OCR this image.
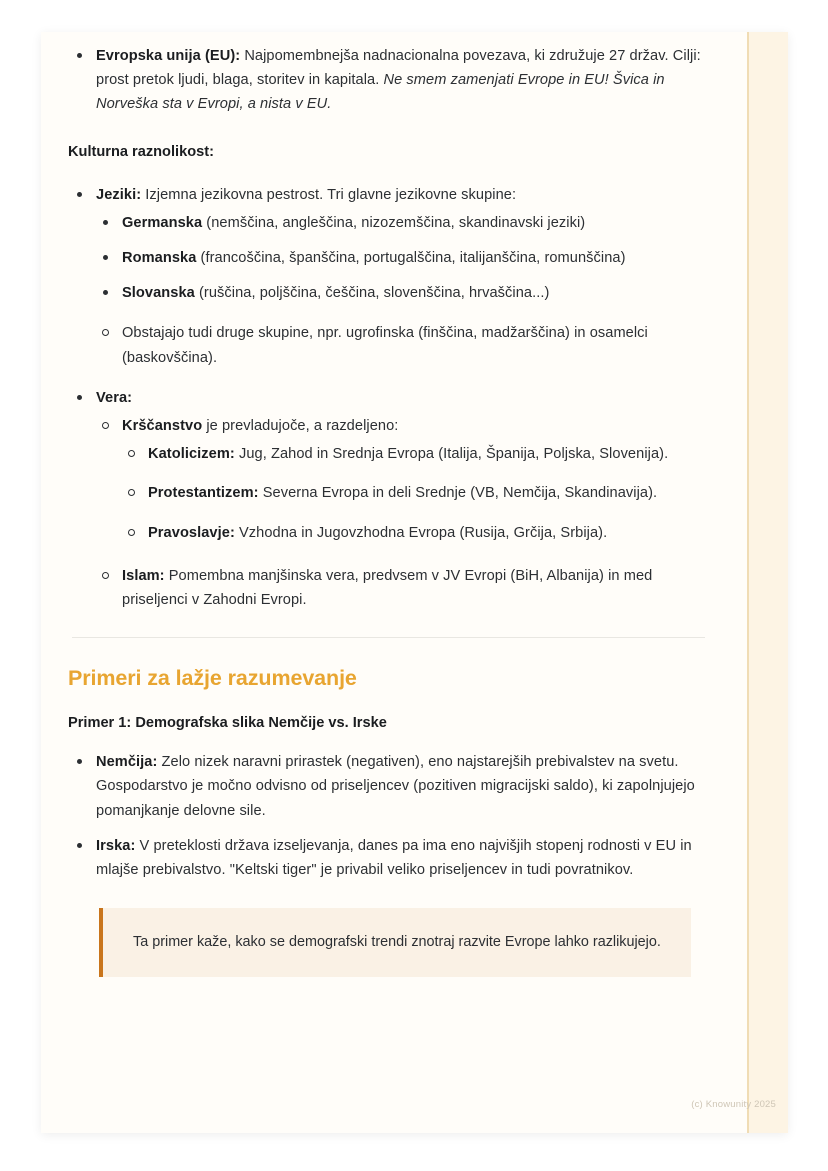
Evropska unija (EU): Najpomembnejša nadnacionalna povezava, ki združuje 27 držav. Cilji: prost pretok ljudi, blaga, storitev in kapitala. Ne smem zamenjati Evrope in EU! Švica in Norveška sta v Evropi, a nista v EU.

Kulturna raznolikost:

Jeziki: Izjemna jezikovna pestrost. Tri glavne jezikovne skupine:
Germanska (nemščina, angleščina, nizozemščina, skandinavski jeziki)
Romanska (francoščina, španščina, portugalščina, italijanščina, romunščina)
Slovanska (ruščina, poljščina, češčina, slovenščina, hrvaščina...)
Obstajajo tudi druge skupine, npr. ugrofinska (finščina, madžarščina) in osamelci (baskovščina).
Vera:
Krščanstvo je prevladujoče, a razdeljeno:
Katolicizem: Jug, Zahod in Srednja Evropa (Italija, Španija, Poljska, Slovenija).
Protestantizem: Severna Evropa in deli Srednje (VB, Nemčija, Skandinavija).
Pravoslavje: Vzhodna in Jugovzhodna Evropa (Rusija, Grčija, Srbija).
Islam: Pomembna manjšinska vera, predvsem v JV Evropi (BiH, Albanija) in med priseljenci v Zahodni Evropi.
Primeri za lažje razumevanje

Primer 1: Demografska slika Nemčije vs. Irske

Nemčija: Zelo nizek naravni prirastek (negativen), eno najstarejših prebivalstev na svetu. Gospodarstvo je močno odvisno od priseljencev (pozitiven migracijski saldo), ki zapolnjujejo pomanjkanje delovne sile.
Irska: V preteklosti država izseljevanja, danes pa ima eno najvišjih stopenj rodnosti v EU in mlajše prebivalstvo. "Keltski tiger" je privabil veliko priseljencev in tudi povratnikov.

Ta primer kaže, kako se demografski trendi znotraj razvite Evrope lahko razlikujejo.

(c) Knowunity 2025
